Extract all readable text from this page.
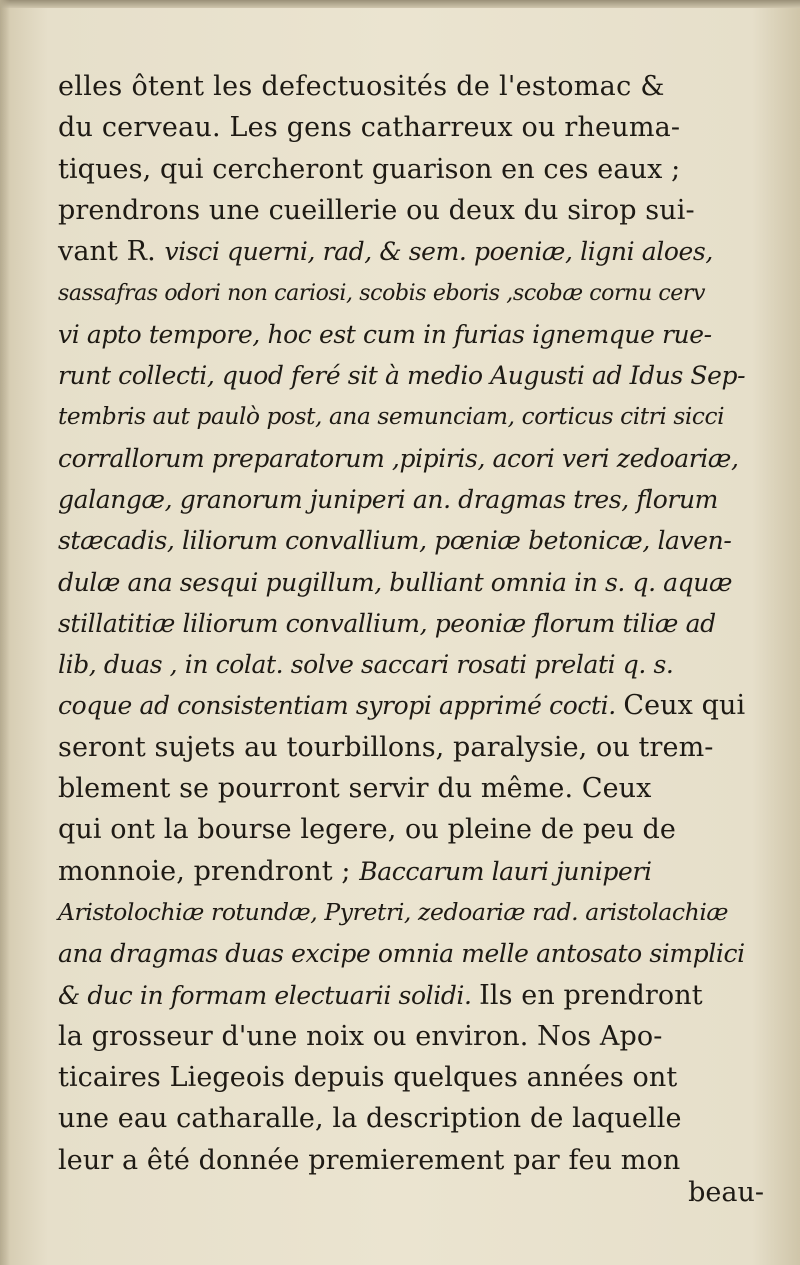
elles ôtent les defectuosités de l'estomac &
du cerveau. Les gens catharreux ou rheuma-
tiques, qui cercheront guarison en ces eaux ;
prendrons une cueillerie ou deux du sirop sui-
vant R. visci querni, rad, & sem. poeniæ, ligni aloes,
sassafras odori non cariosi, scobis eboris ,scobæ cornu cerv
vi apto tempore, hoc est cum in furias ignemque rue-
runt collecti, quod feré sit à medio Augusti ad Idus Sep-
tembris aut paulò post, ana semunciam, corticus citri sicci
corrallorum preparatorum ,pipiris, acori veri zedoariæ,
galangæ, granorum juniperi an. dragmas tres, florum
stæcadis, liliorum convallium, pœniæ betonicæ, laven-
dulæ ana sesqui pugillum, bulliant omnia in s. q. aquæ
stillatitiæ liliorum convallium, peoniæ florum tiliæ ad
lib, duas , in colat. solve saccari rosati prelati q. s.
coque ad consistentiam syropi apprimé cocti. Ceux qui
seront sujets au tourbillons, paralysie, ou trem-
blement se pourront servir du même. Ceux
qui ont la bourse legere, ou pleine de peu de
monnoie, prendront ; Baccarum lauri juniperi
Aristolochiæ rotundæ, Pyretri, zedoariæ rad. aristolachiæ
ana dragmas duas excipe omnia melle antosato simplici
& duc in formam electuarii solidi. Ils en prendront
la grosseur d'une noix ou environ. Nos Apo-
ticaires Liegeois depuis quelques années ont
une eau catharalle, la description de laquelle
leur a êté donnée premierement par feu mon
beau-
